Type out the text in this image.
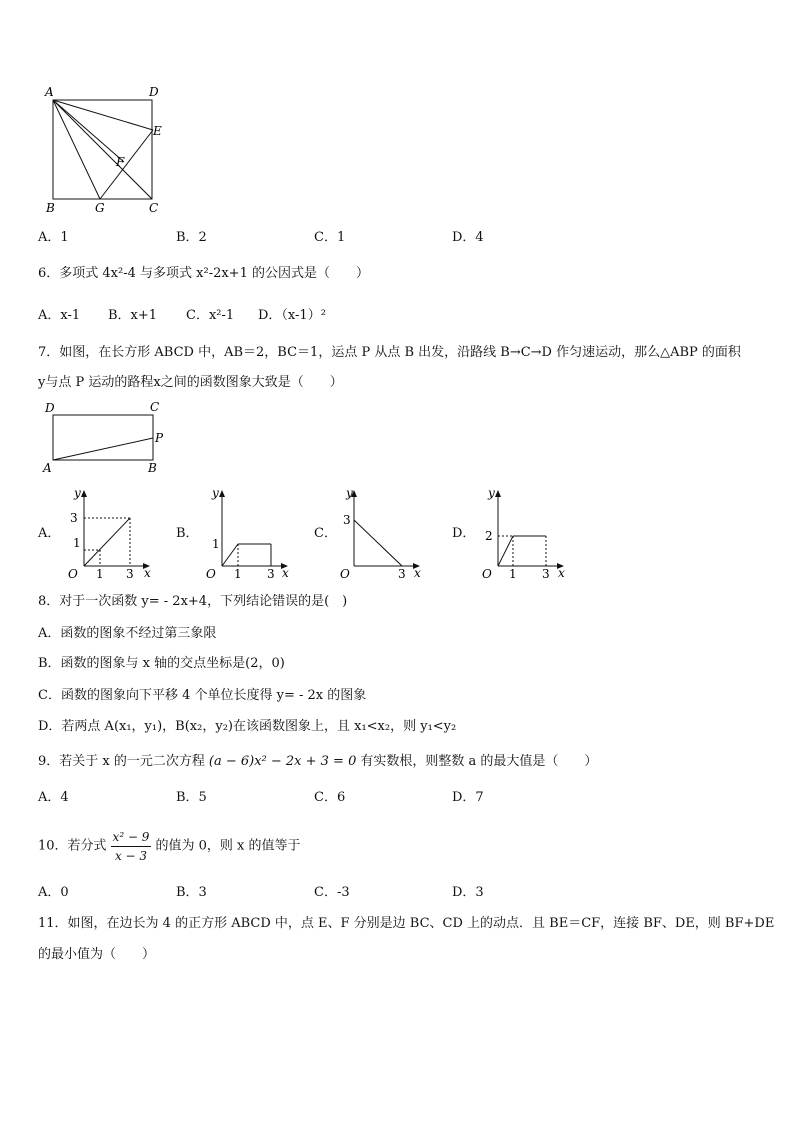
A	D
E
F
B	G	C
A．1	B．2	C．1	D．4
6．多项式 4x²-4 与多项式 x²-2x+1 的公因式是（　　）
A．x-1 B．x+1 C．x²-1 D．（x-1）²
7．如图，在长方形 ABCD 中，AB＝2，BC＝1，运点 P 从点 B 出发，沿路线 B→C→D 作匀速运动，那么△ABP 的面积
y与点 P 运动的路程x之间的函数图象大致是（　　）
D	C
P
A	B
A．
y
x
O
3
1
1 3
B．
y
x
O
1
1 3
C．
y
x
O
3
3
D．
y
x
O
2
1 3
8．对于一次函数 y= - 2x+4，下列结论错误的是(　)
A．函数的图象不经过第三象限
B．函数的图象与 x 轴的交点坐标是(2，0)
C．函数的图象向下平移 4 个单位长度得 y= - 2x 的图象
D．若两点 A(x₁，y₁)，B(x₂，y₂)在该函数图象上，且 x₁<x₂，则 y₁<y₂
9．若关于 x 的一元二次方程 (a − 6)x² − 2x + 3 = 0 有实数根，则整数 a 的最大值是（　　）
A．4	B．5	C．6	D．7
10．若分式 $\frac{\text{x² − 9}}{x - 3}$ 的值为 0，则 x 的值等于
A．0	B．3	C．-3	D．3
11．如图，在边长为 4 的正方形 ABCD 中，点 E、F 分别是边 BC、CD 上的动点．且 BE＝CF，连接 BF、DE，则 BF+DE
的最小值为（　　）
